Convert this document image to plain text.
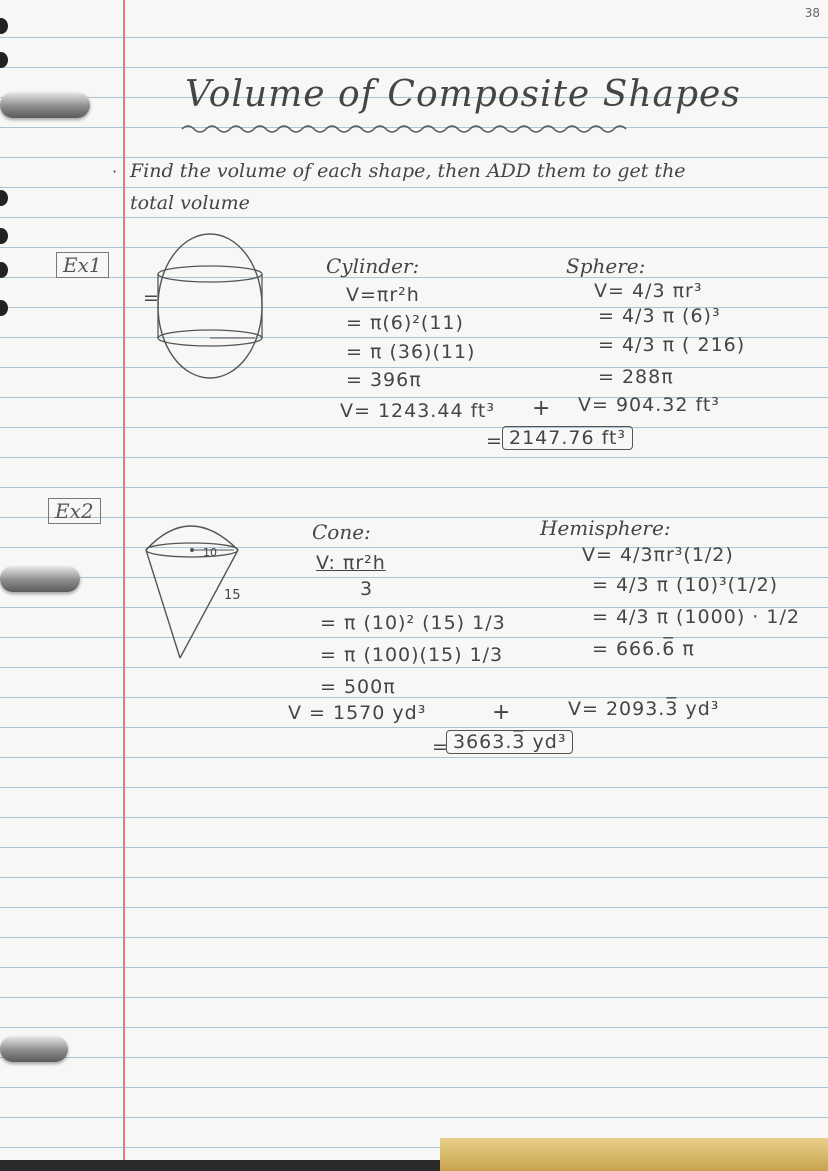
38
Volume of Composite Shapes
· Find the volume of each shape, then ADD them to get the
total volume
Ex1
=
Cylinder:
V=πr²h
= π(6)²(11)
= π (36)(11)
= 396π
Sphere:
V= 4/3 πr³
= 4/3 π (6)³
= 4/3 π ( 216)
= 288π
V= 1243.44 ft³ + V= 904.32 ft³
= 2147.76 ft³
Ex2
10
15
Cone:
V: πr²h
3
= π (10)² (15) 1/3
= π (100)(15) 1/3
= 500π
Hemisphere:
V= 4/3πr³(1/2)
= 4/3 π (10)³(1/2)
= 4/3 π (1000) · 1/2
= 666.6̅ π
V = 1570 yd³	+	V= 2093.3̅ yd³
= 3663.3̅ yd³
